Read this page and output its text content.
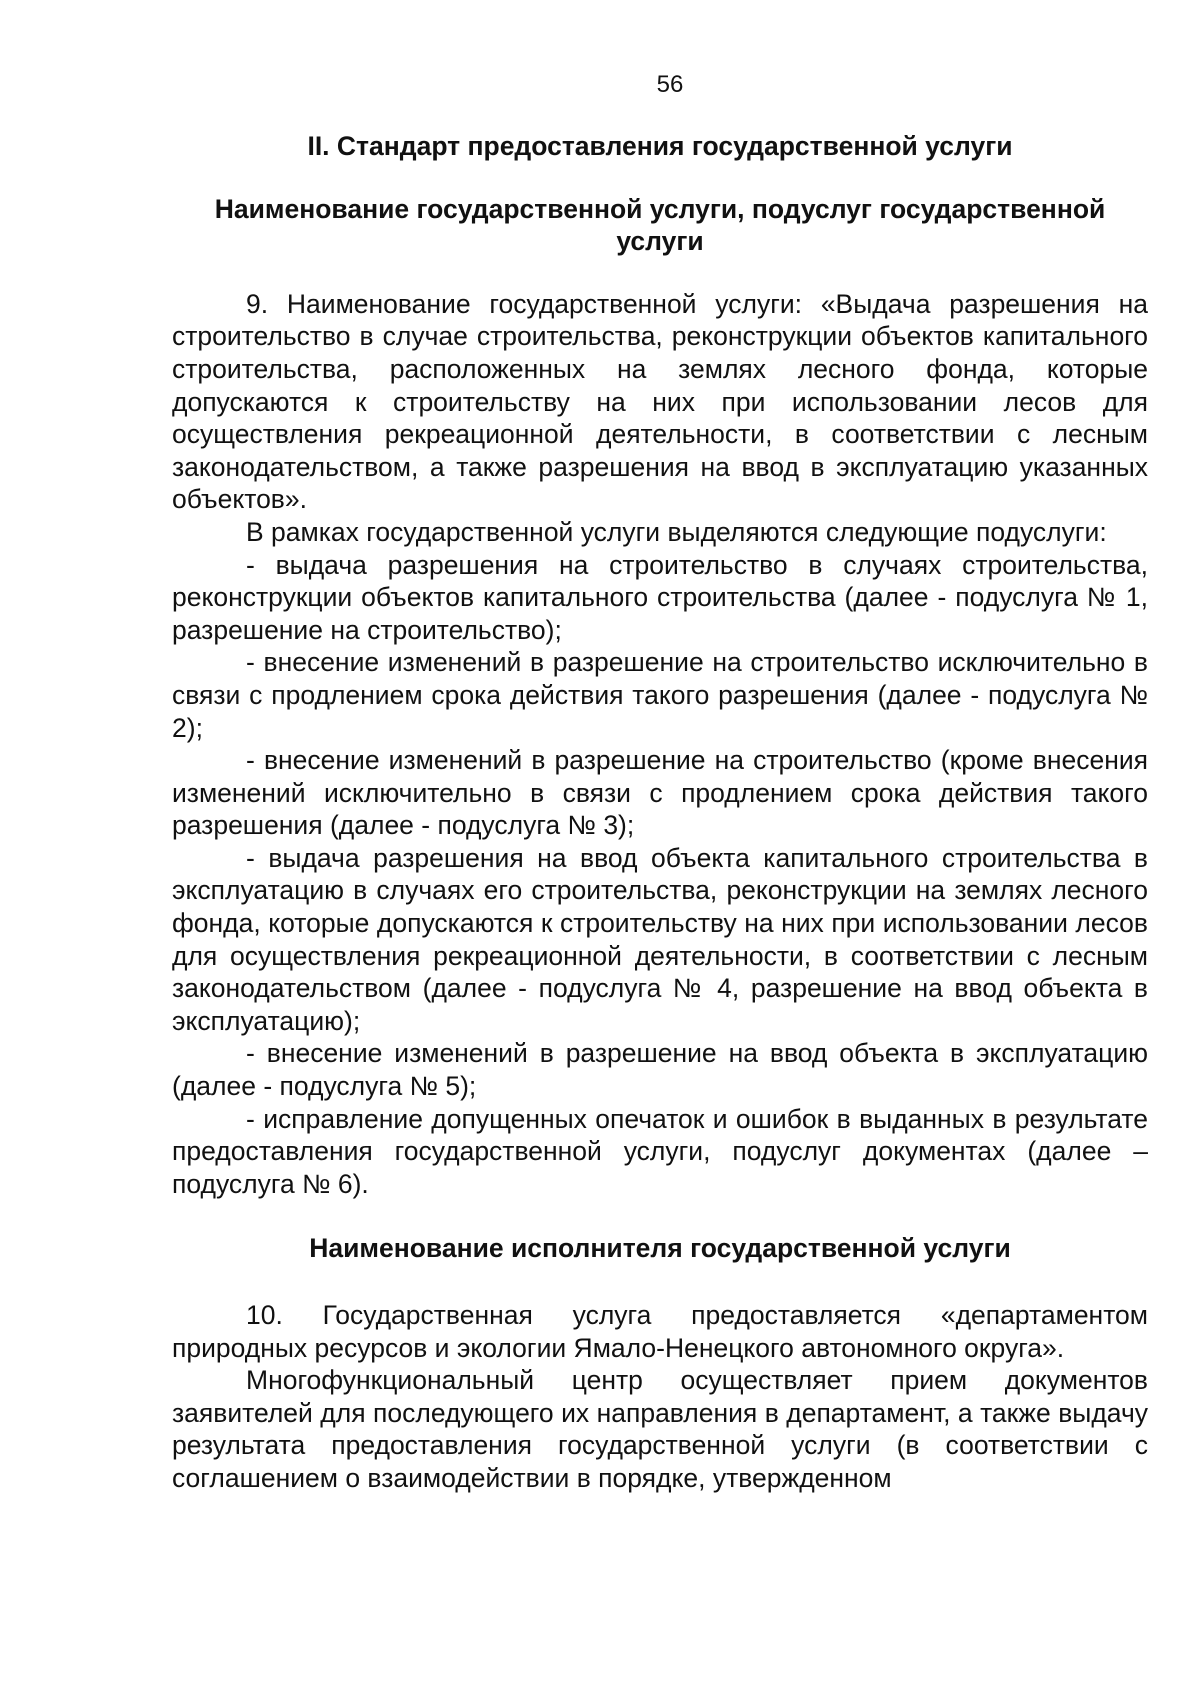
56
II. Стандарт предоставления государственной услуги
Наименование государственной услуги, подуслуг государственной услуги

9. Наименование государственной услуги: «Выдача разрешения на строительство в случае строительства, реконструкции объектов капитального строительства, расположенных на землях лесного фонда, которые допускаются к строительству на них при использовании лесов для осуществления рекреационной деятельности, в соответствии с лесным законодательством, а также разрешения на ввод в эксплуатацию указанных объектов».

В рамках государственной услуги выделяются следующие подуслуги:

- выдача разрешения на строительство в случаях строительства, реконструкции объектов капитального строительства (далее - подуслуга № 1, разрешение на строительство);

- внесение изменений в разрешение на строительство исключительно в связи с продлением срока действия такого разрешения (далее - подуслуга № 2);

- внесение изменений в разрешение на строительство (кроме внесения изменений исключительно в связи с продлением срока действия такого разрешения (далее - подуслуга № 3);

- выдача разрешения на ввод объекта капитального строительства в эксплуатацию в случаях его строительства, реконструкции на землях лесного фонда, которые допускаются к строительству на них при использовании лесов для осуществления рекреационной деятельности, в соответствии с лесным законодательством (далее - подуслуга № 4, разрешение на ввод объекта в эксплуатацию);

- внесение изменений в разрешение на ввод объекта в эксплуатацию (далее - подуслуга № 5);

- исправление допущенных опечаток и ошибок в выданных в результате предоставления государственной услуги, подуслуг документах (далее – подуслуга № 6).

Наименование исполнителя государственной услуги

10. Государственная услуга предоставляется «департаментом природных ресурсов и экологии Ямало-Ненецкого автономного округа».

Многофункциональный центр осуществляет прием документов заявителей для последующего их направления в департамент, а также выдачу результата предоставления государственной услуги (в соответствии с соглашением о взаимодействии в порядке, утвержденном
